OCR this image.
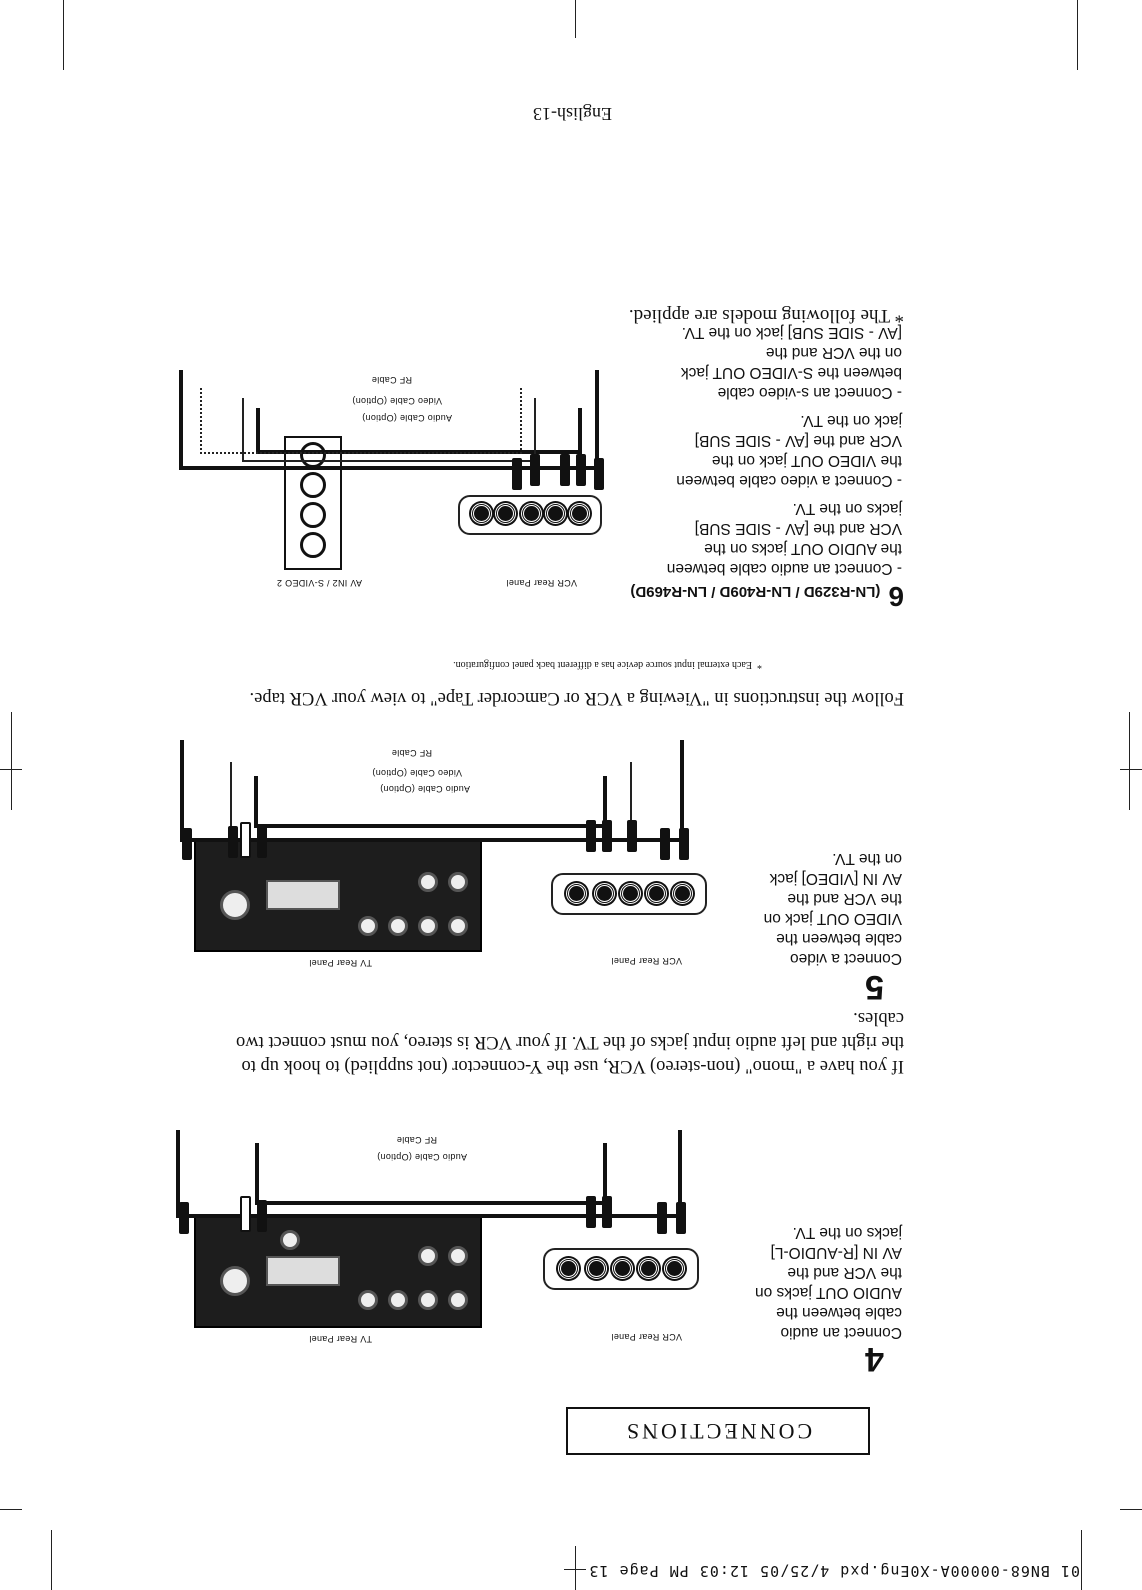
01 BN68-00000A-X0Eng.pxd 4/25/05 12:03 PM Page 13
CONNECTIONS
4
Connect an audio
cable between the
AUDIO OUT jacks on
the VCR and the
AV IN [R-AUDIO-L]
jacks on the TV.
VCR Rear Panel
TV Rear Panel
Audio Cable (Option)
RF Cable
If you have a "mono" (non-stereo) VCR, use the Y-connector (not supplied) to hook up to the right and left audio input jacks of the TV. If your VCR is stereo, you must connect two cables.
5
Connect a video
cable between the
VIDEO OUT jack on
the VCR and the
AV IN [VIDEO] jack
on the TV.
VCR Rear Panel
TV Rear Panel
Audio Cable (Option)
Video Cable (Option)
RF Cable
Follow the instructions in "Viewing a VCR or Camcorder Tape" to view your VCR tape.
*
Each external input source device has a different back panel configuration.
6(LN-R329D / LN-R409D / LN-R469D)
- Connect an audio cable between
the AUDIO OUT jacks on the
VCR and the [AV - SIDE SUB]
jacks on the TV.
- Connect a video cable between
the VIDEO OUT jack on the
VCR and the [AV - SIDE SUB]
jack on the TV.
- Connect an s-video cable
between the S-VIDEO OUT jack
on the VCR and the
[AV - SIDE SUB] jack on the TV.
VCR Rear Panel
AV IN2 / S-VIDEO 2
Audio Cable (Option)
Video Cable (Option)
RF Cable
* The following models are applied.
English-13
